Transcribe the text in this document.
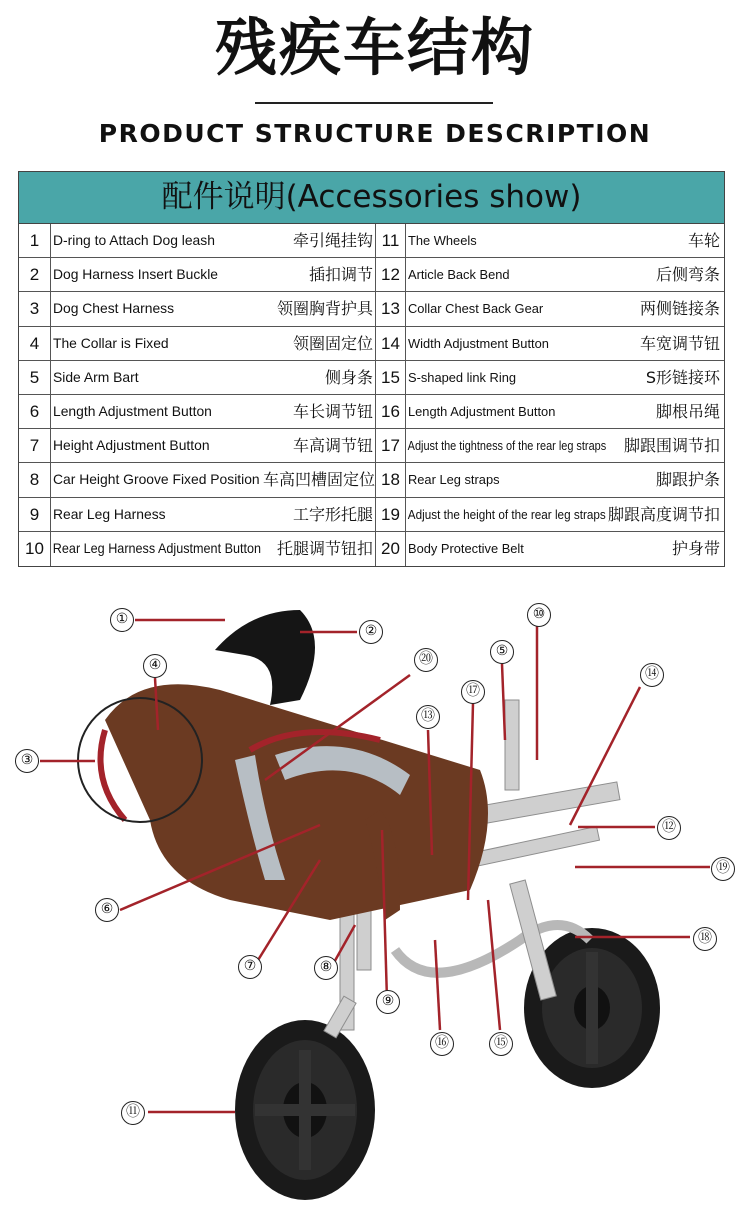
残疾车结构
PRODUCT STRUCTURE DESCRIPTION
配件说明(Accessories show)
1 D-ring to Attach Dog leash	牵引绳挂钩 11 The Wheels	车轮
2 Dog Harness Insert Buckle	插扣调节 12 Article Back Bend	后侧弯条
3 Dog Chest Harness	领圈胸背护具 13 Collar Chest Back Gear	两侧链接条
4 The Collar is Fixed	领圈固定位 14 Width Adjustment Button	车宽调节钮
5 Side Arm Bart	侧身条 15 S-shaped link Ring	S形链接环
6 Length Adjustment Button	车长调节钮 16 Length Adjustment Button	脚根吊绳
7 Height Adjustment Button	车高调节钮 17 Adjust the tightness of the rear leg straps	脚跟围调节扣
8 Car Height Groove Fixed Position 车高凹槽固定位 18 Rear Leg straps	脚跟护条
9 Rear Leg Harness	工字形托腿 19 Adjust the height of the rear leg straps 脚跟高度调节扣
10 Rear Leg Harness Adjustment Button 托腿调节钮扣 20 Body Protective Belt	护身带
①
②
③
④
⑤
⑥
⑦	⑧
⑨
⑩
⑪
⑫
⑬
⑭
⑮
⑯
⑰
⑱
⑲
⑳
